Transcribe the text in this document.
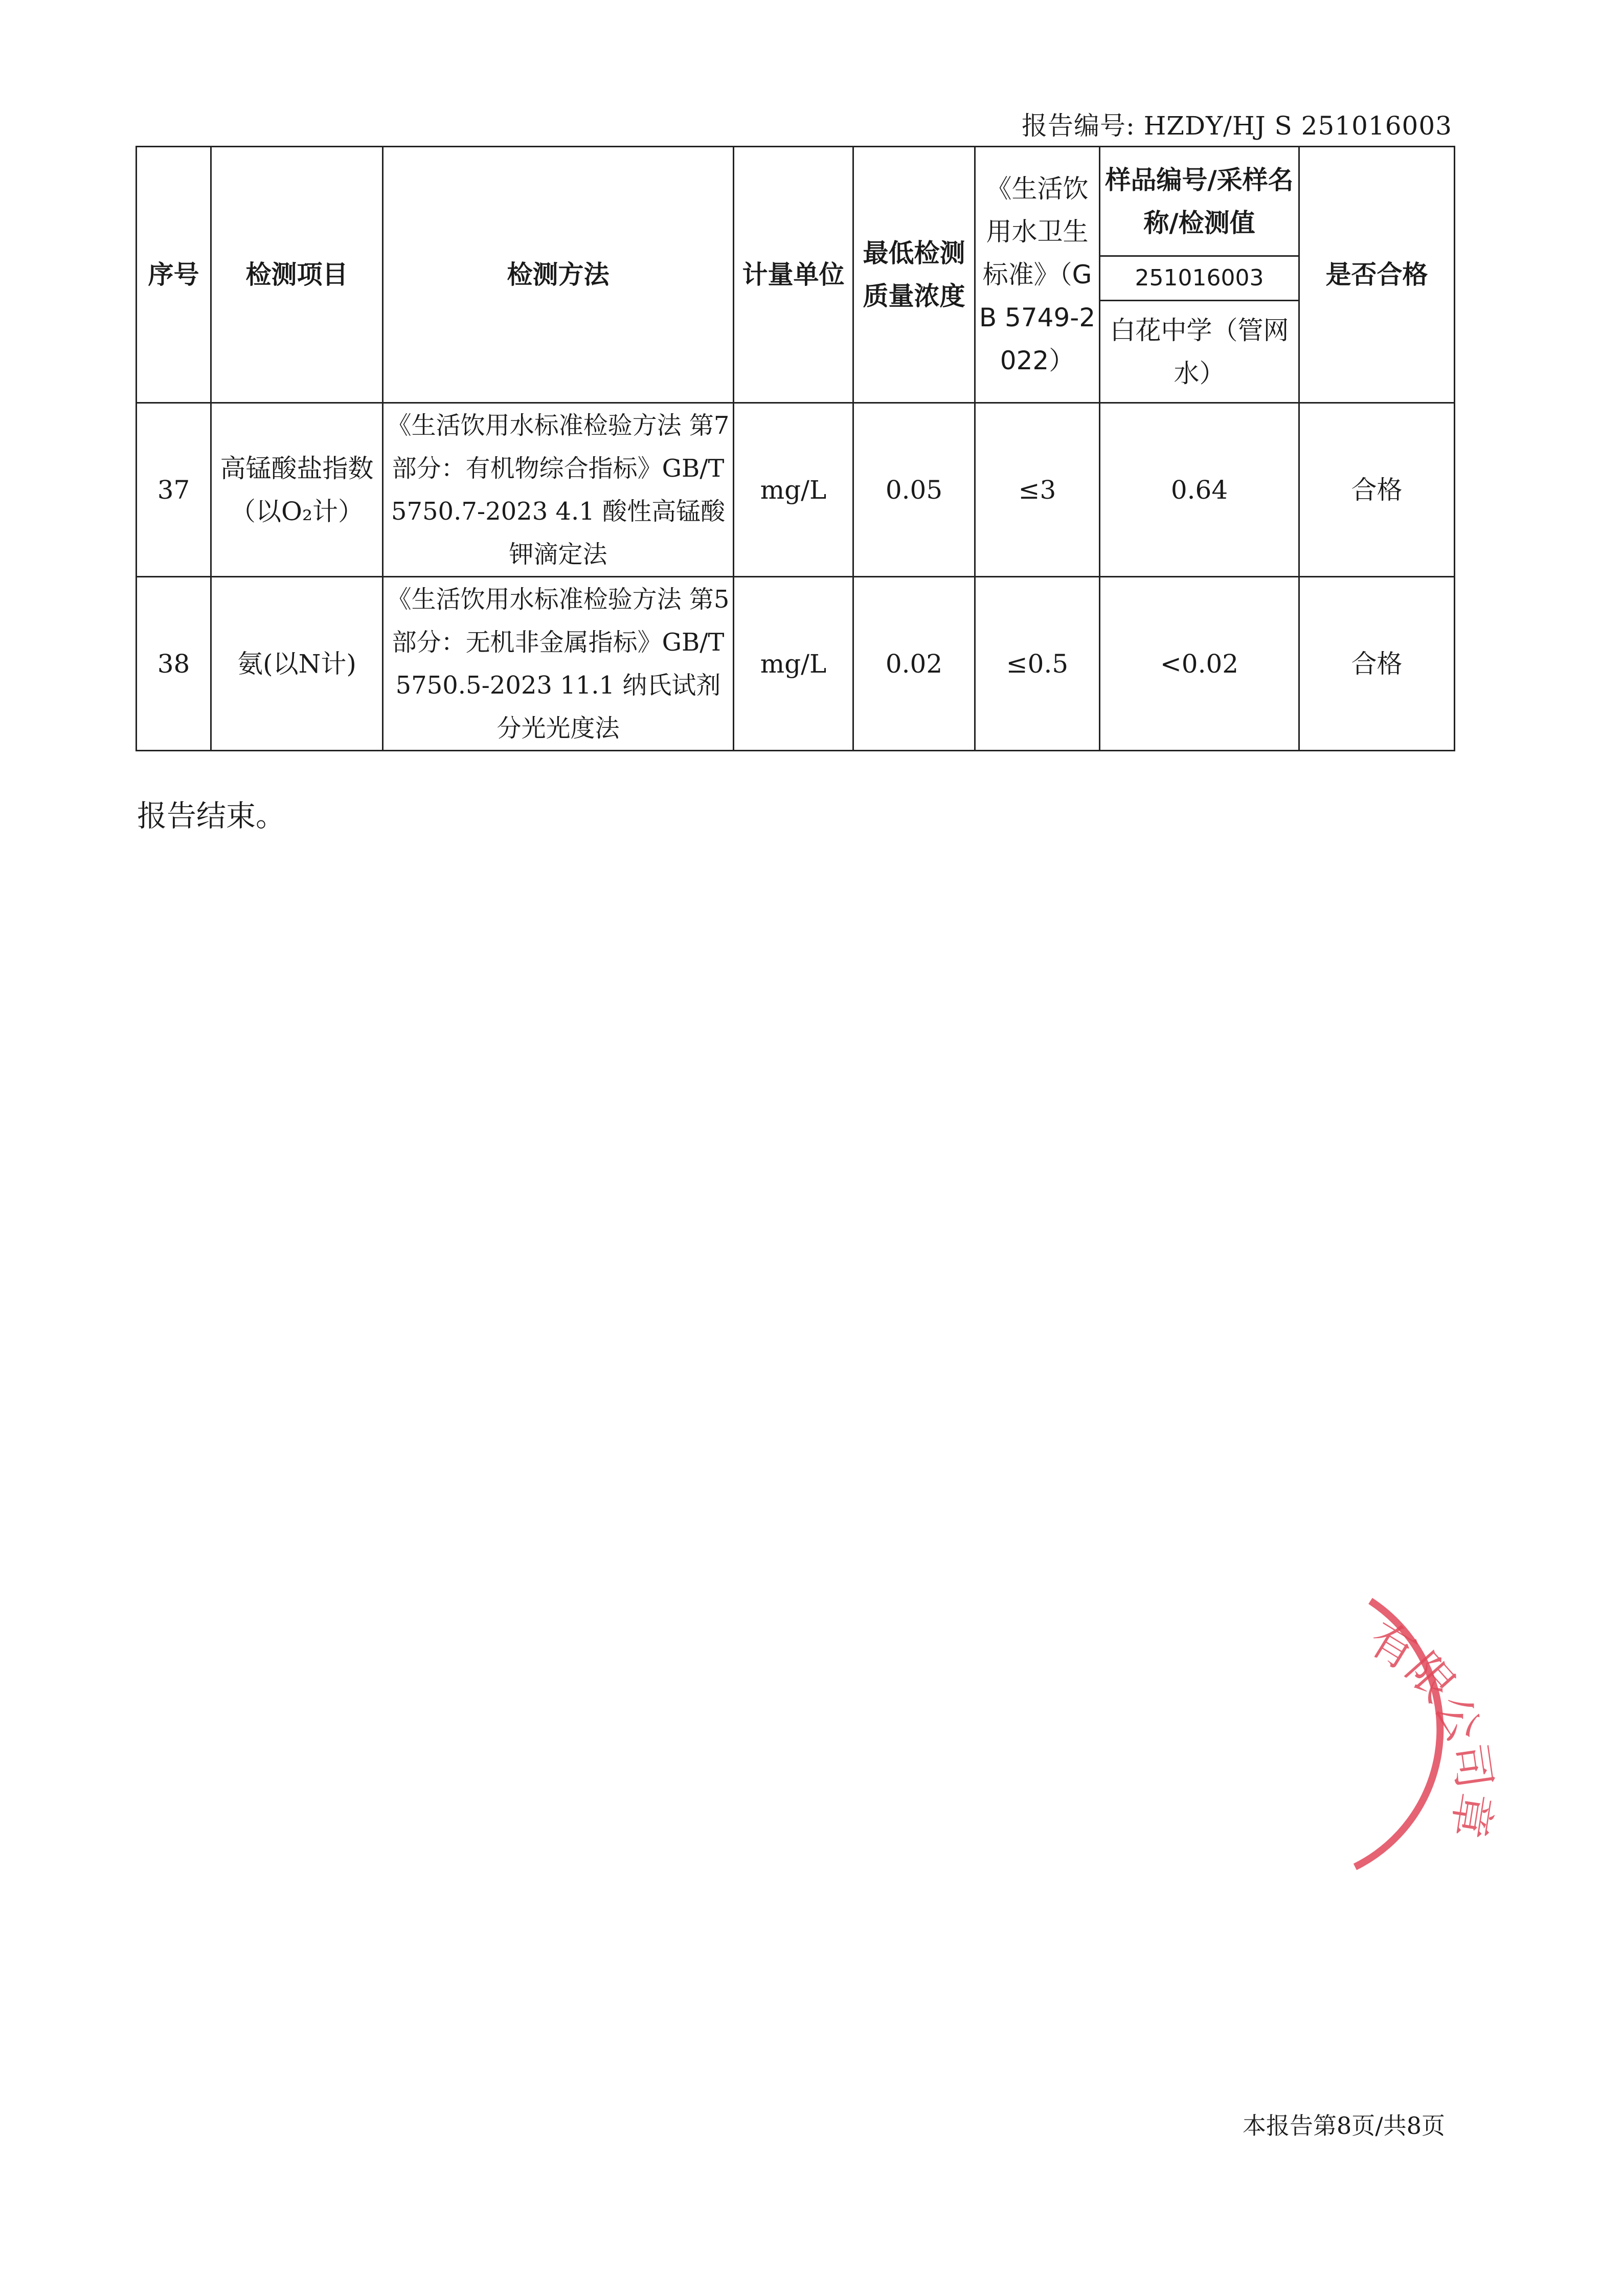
报告编号: HZDY/HJ S 251016003
序号	检测项目	检测方法	计量单位	最低检测质量浓度	《生活饮用水卫生标准》（GB 5749-2022）	样品编号/采样名称/检测值	是否合格
						251016003	
						白花中学（管网水）	
37	高锰酸盐指数（以O₂计）	《生活饮用水标准检验方法 第7部分：有机物综合指标》GB/T 5750.7-2023 4.1 酸性高锰酸钾滴定法	mg/L	0.05	≤3	0.64	合格
38	氨(以N计)	《生活饮用水标准检验方法 第5部分：无机非金属指标》GB/T 5750.5-2023 11.1 纳氏试剂分光光度法	mg/L	0.02	≤0.5	<0.02	合格
报告结束。
有限公司章
本报告第8页/共8页
